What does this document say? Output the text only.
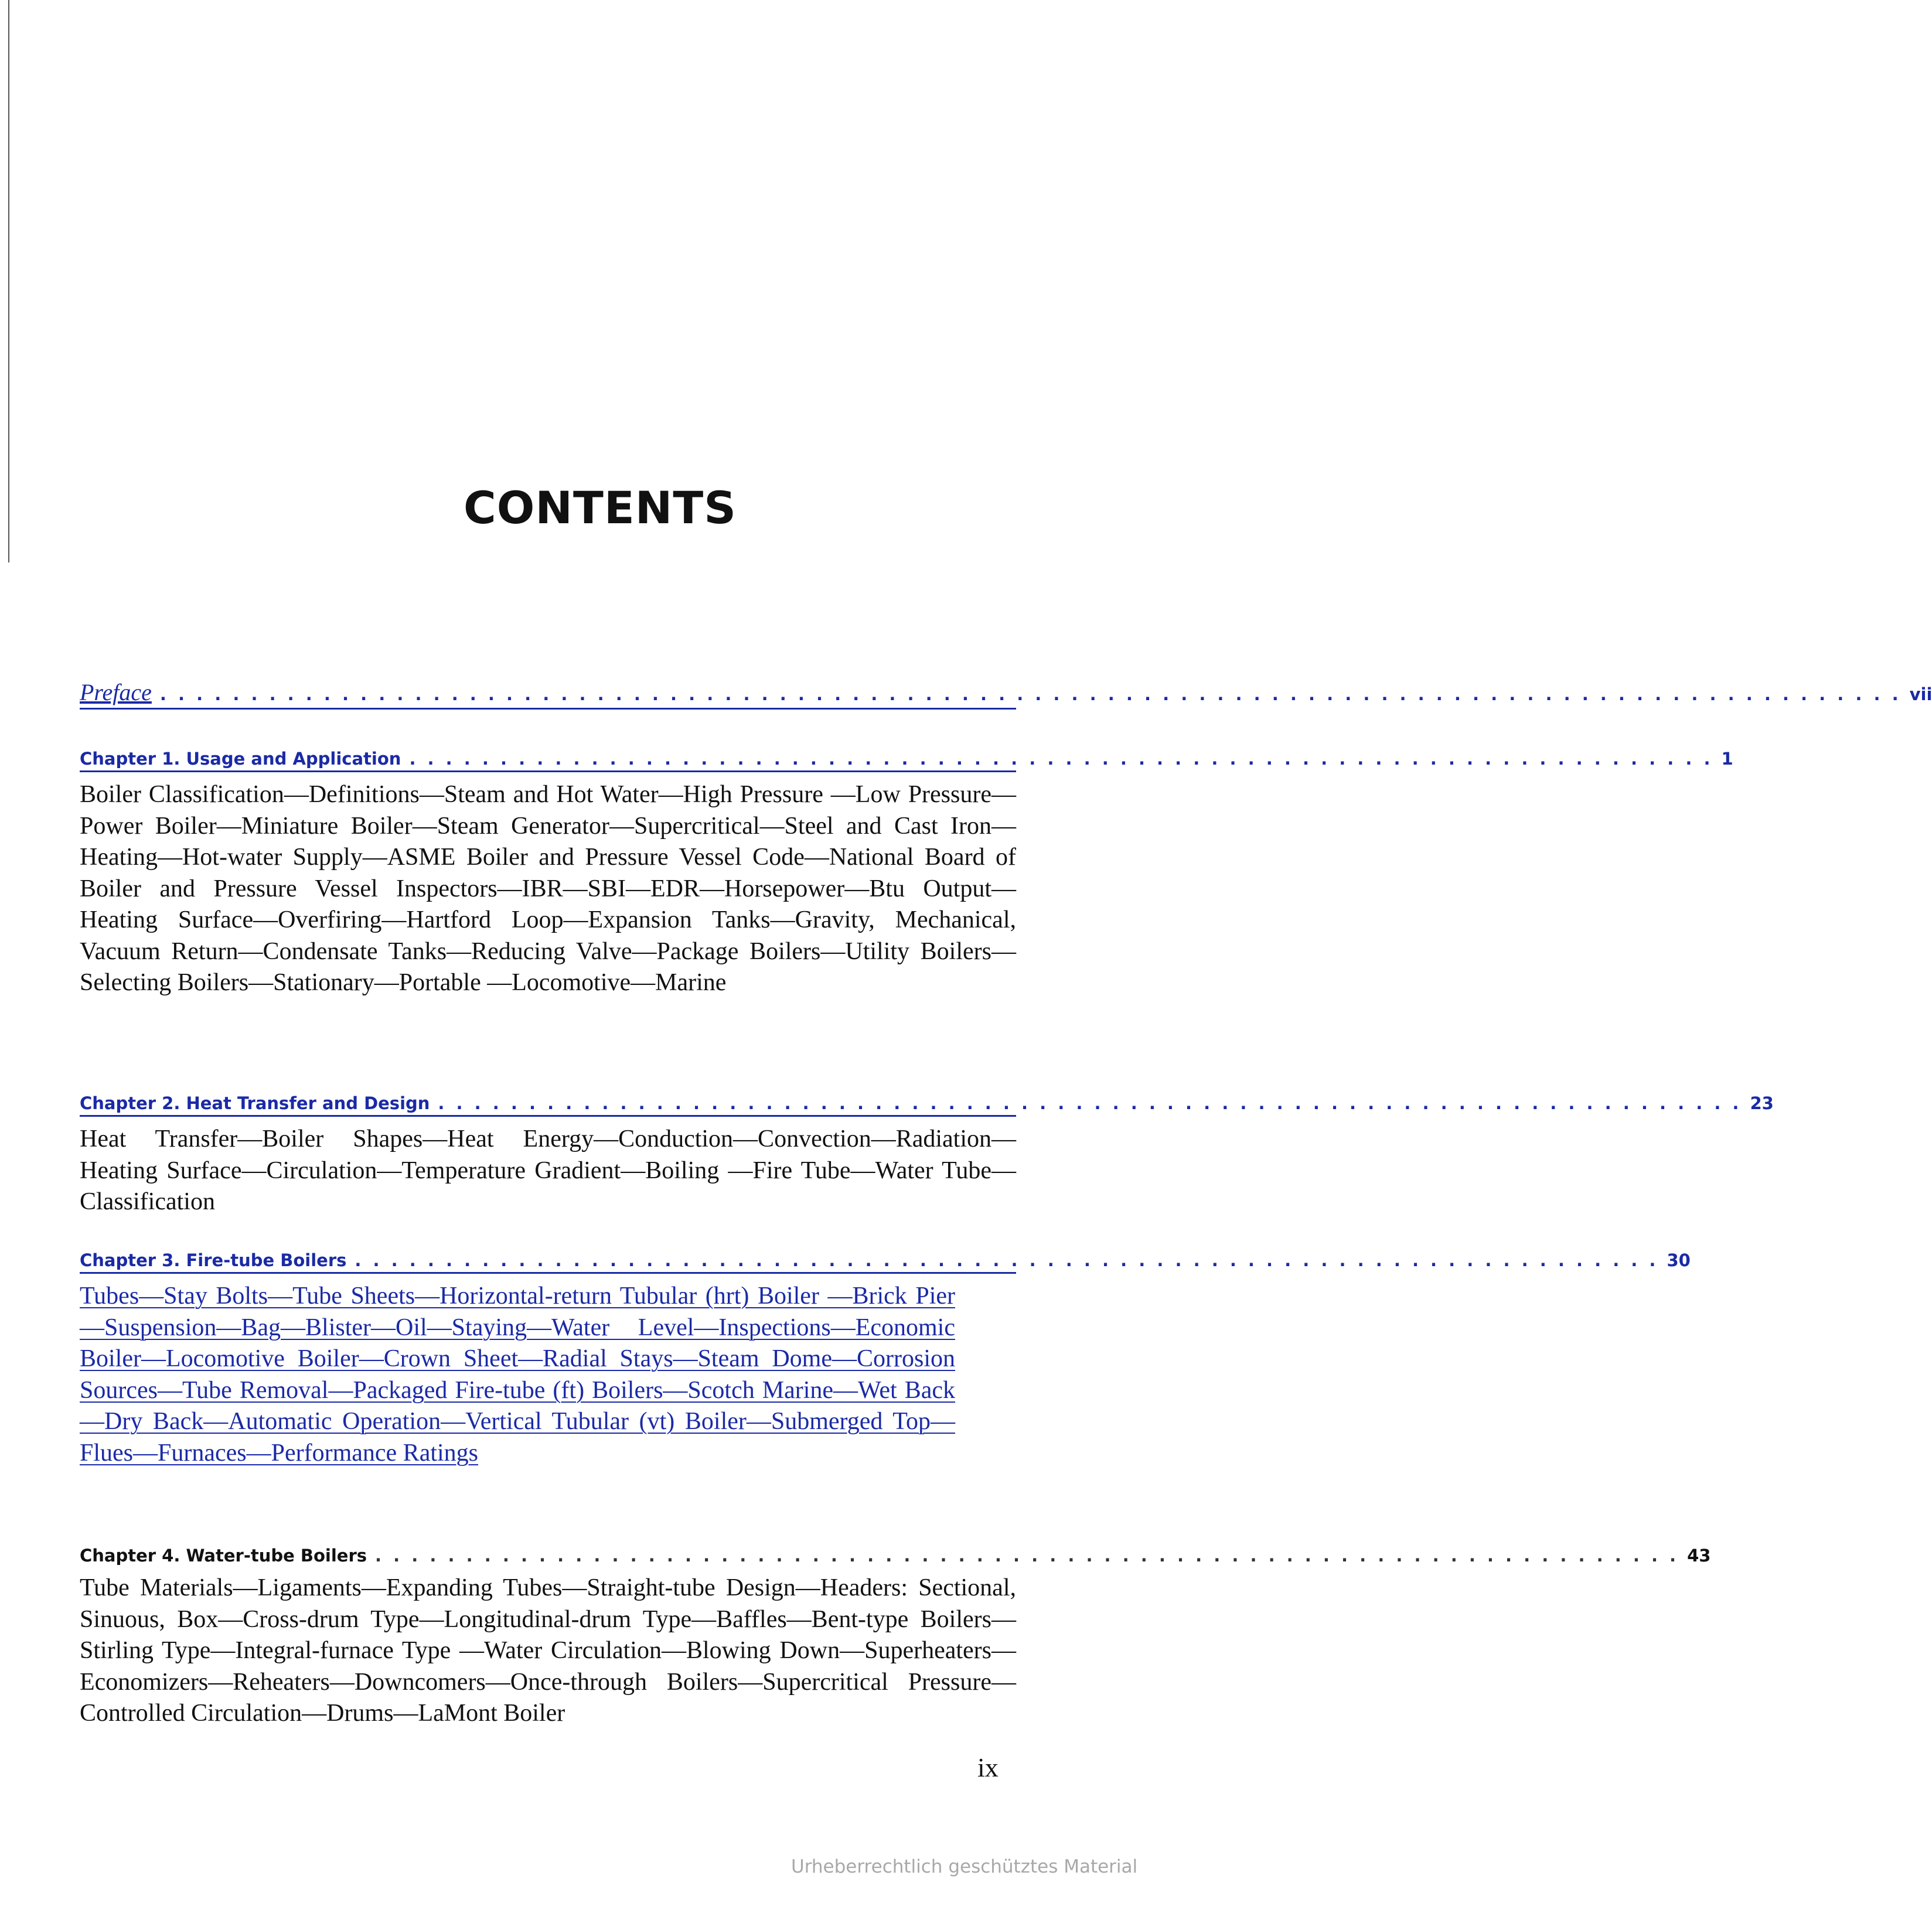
CONTENTS
Preface . . . . . . . . . . . . . . . . . . . . . . . . . . . . . . . . . . . . . . . . . . . . . . . . . . . . . . . . . . . . . . . . . . . . . . . . . . . . . . . . . . . . . . . . . . . . . . . . vii
Chapter 1. Usage and Application . . . . . . . . . . . . . . . . . . . . . . . . . . . . . . . . . . . . . . . . . . . . . . . . . . . . . . . . . . . . . . . . . . . . . . . . 1
Boiler Classification—Definitions—Steam and Hot Water—High Pressure —Low Pressure—Power Boiler—Miniature Boiler—Steam Generator—Supercritical—Steel and Cast Iron—Heating—Hot-water Supply—ASME Boiler and Pressure Vessel Code—National Board of Boiler and Pressure Vessel Inspectors—IBR—SBI—EDR—Horsepower—Btu Output—Heating Surface—Overfiring—Hartford Loop—Expansion Tanks—Gravity, Mechanical, Vacuum Return—Condensate Tanks—Reducing Valve—Package Boilers—Utility Boilers—Selecting Boilers—Stationary—Portable —Locomotive—Marine
Chapter 2. Heat Transfer and Design . . . . . . . . . . . . . . . . . . . . . . . . . . . . . . . . . . . . . . . . . . . . . . . . . . . . . . . . . . . . . . . . . . . . . . . . 23
Heat Transfer—Boiler Shapes—Heat Energy—Conduction—Convection—Radiation—Heating Surface—Circulation—Temperature Gradient—Boiling —Fire Tube—Water Tube—Classification
Chapter 3. Fire-tube Boilers . . . . . . . . . . . . . . . . . . . . . . . . . . . . . . . . . . . . . . . . . . . . . . . . . . . . . . . . . . . . . . . . . . . . . . . . 30
Tubes—Stay Bolts—Tube Sheets—Horizontal-return Tubular (hrt) Boiler —Brick Pier—Suspension—Bag—Blister—Oil—Staying—Water Level—Inspections—Economic Boiler—Locomotive Boiler—Crown Sheet—Radial Stays—Steam Dome—Corrosion Sources—Tube Removal—Packaged Fire-tube (ft) Boilers—Scotch Marine—Wet Back—Dry Back—Automatic Operation—Vertical Tubular (vt) Boiler—Submerged Top—Flues—Furnaces—Performance Ratings
Chapter 4. Water-tube Boilers . . . . . . . . . . . . . . . . . . . . . . . . . . . . . . . . . . . . . . . . . . . . . . . . . . . . . . . . . . . . . . . . . . . . . . . . 43
Tube Materials—Ligaments—Expanding Tubes—Straight-tube Design—Headers: Sectional, Sinuous, Box—Cross-drum Type—Longitudinal-drum Type—Baffles—Bent-type Boilers—Stirling Type—Integral-furnace Type —Water Circulation—Blowing Down—Superheaters—Economizers—Reheaters—Downcomers—Once-through Boilers—Supercritical Pressure—Controlled Circulation—Drums—LaMont Boiler
ix
Urheberrechtlich geschütztes Material
